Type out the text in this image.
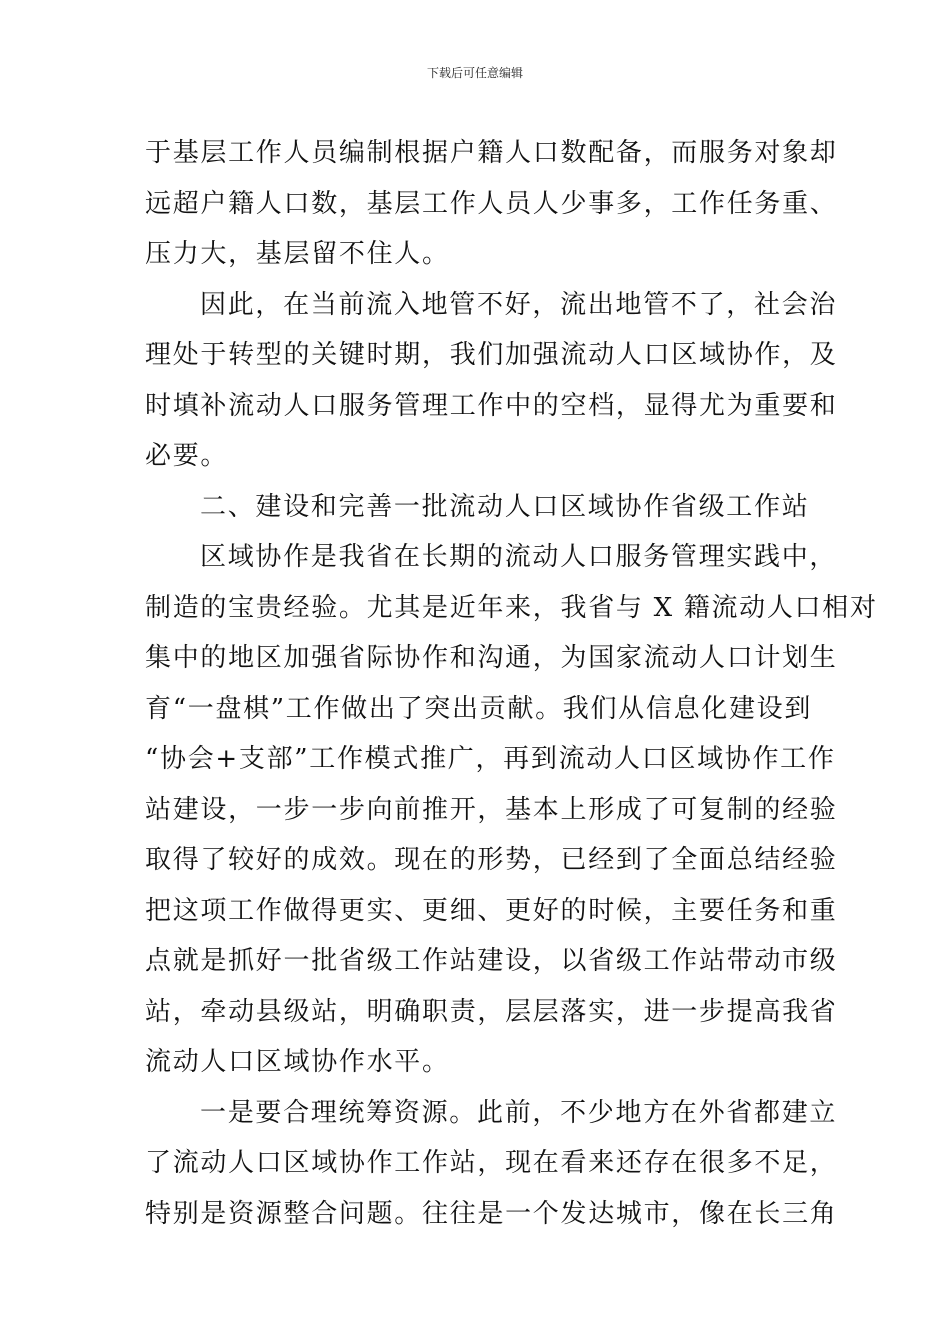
下载后可任意编辑
于基层工作人员编制根据户籍人口数配备，而服务对象却
远超户籍人口数，基层工作人员人少事多，工作任务重、
压力大，基层留不住人。
因此，在当前流入地管不好，流出地管不了，社会治
理处于转型的关键时期，我们加强流动人口区域协作，及
时填补流动人口服务管理工作中的空档，显得尤为重要和
必要。
二、建设和完善一批流动人口区域协作省级工作站
区域协作是我省在长期的流动人口服务管理实践中，
制造的宝贵经验。尤其是近年来，我省与 X 籍流动人口相对
集中的地区加强省际协作和沟通，为国家流动人口计划生
育“一盘棋”工作做出了突出贡献。我们从信息化建设到
“协会+支部”工作模式推广，再到流动人口区域协作工作
站建设，一步一步向前推开，基本上形成了可复制的经验
取得了较好的成效。现在的形势，已经到了全面总结经验
把这项工作做得更实、更细、更好的时候，主要任务和重
点就是抓好一批省级工作站建设，以省级工作站带动市级
站，牵动县级站，明确职责，层层落实，进一步提高我省
流动人口区域协作水平。
一是要合理统筹资源。此前，不少地方在外省都建立
了流动人口区域协作工作站，现在看来还存在很多不足，
特别是资源整合问题。往往是一个发达城市，像在长三角
